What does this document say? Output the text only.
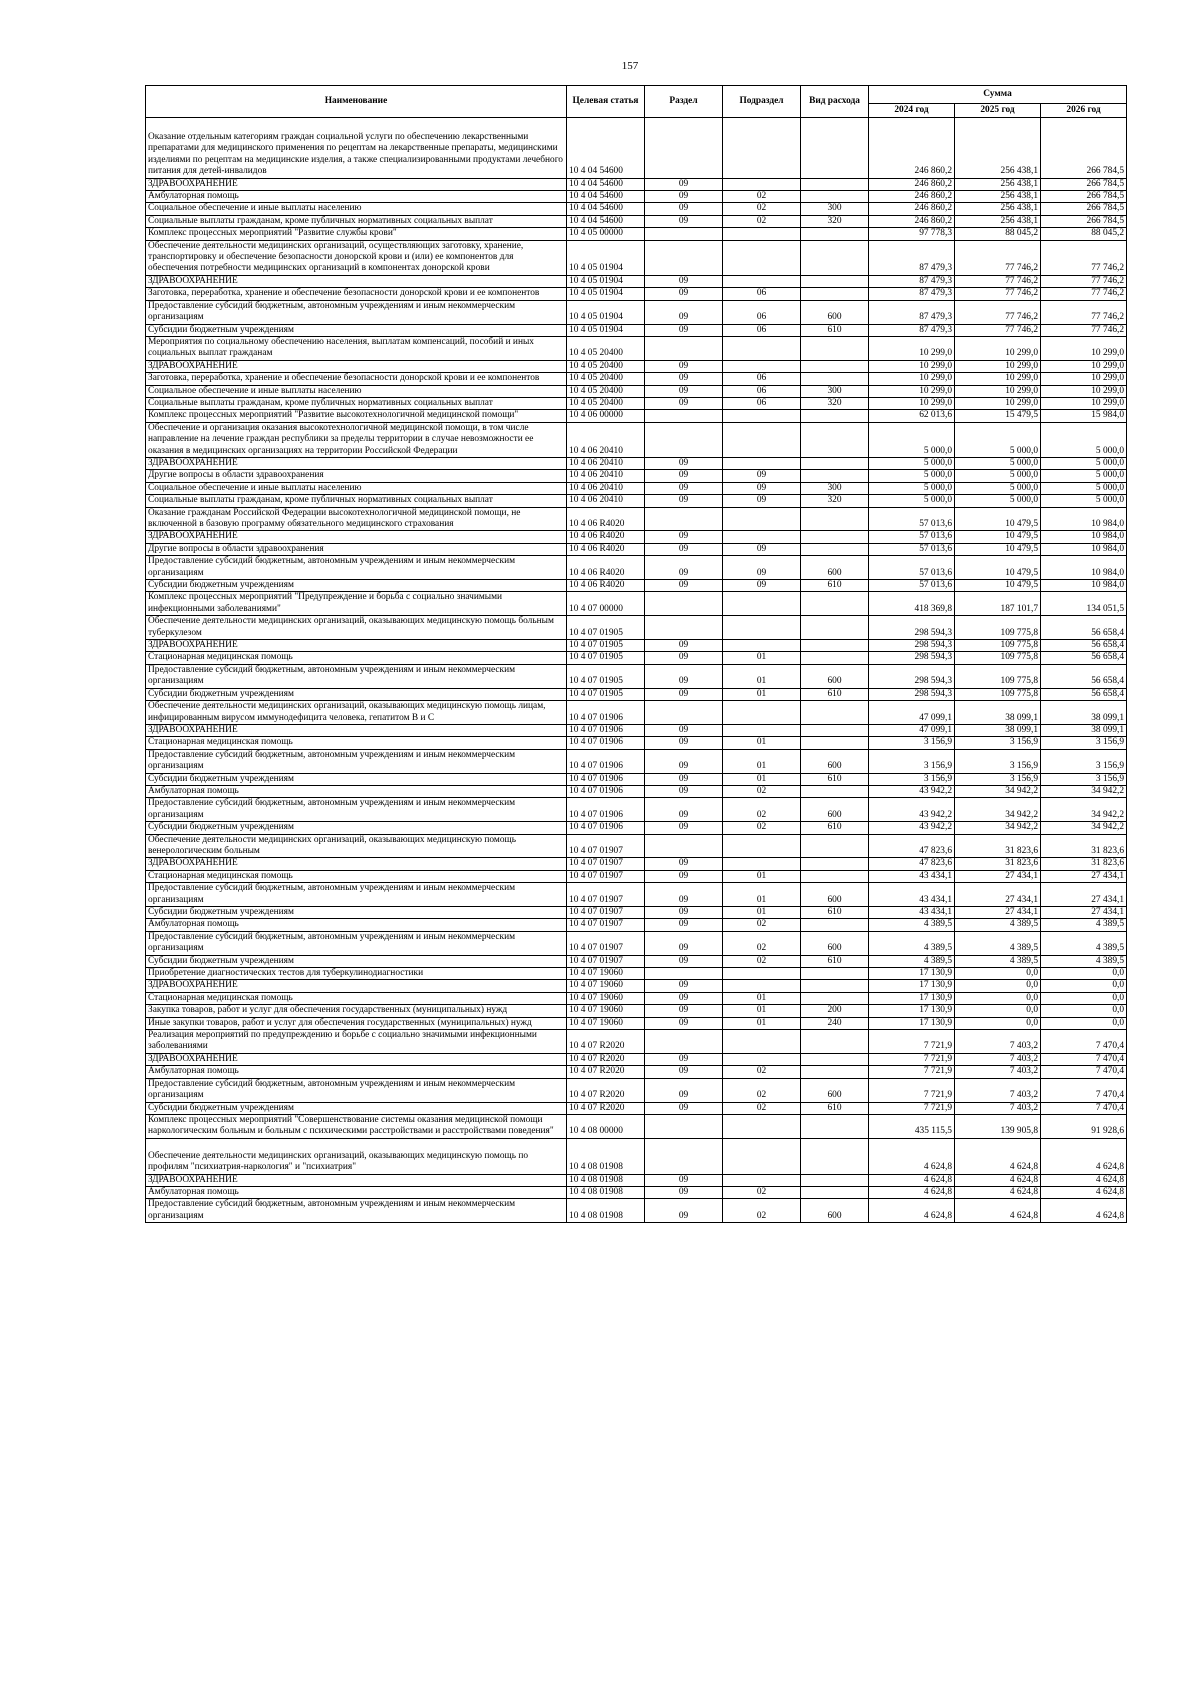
157
Наименование	Целевая статья	Раздел	Подраздел	Вид расхода	Сумма		
					2024 год	2025 год	2026 год
Оказание отдельным категориям граждан социальной услуги по обеспечению лекарственными препаратами для медицинского применения по рецептам на лекарственные препараты, медицинскими изделиями по рецептам на медицинские изделия, а также специализированными продуктами лечебного питания для детей-инвалидов	10 4 04 54600				246 860,2	256 438,1	266 784,5
ЗДРАВООХРАНЕНИЕ	10 4 04 54600	09			246 860,2	256 438,1	266 784,5
Амбулаторная помощь	10 4 04 54600	09	02		246 860,2	256 438,1	266 784,5
Социальное обеспечение и иные выплаты населению	10 4 04 54600	09	02	300	246 860,2	256 438,1	266 784,5
Социальные выплаты гражданам, кроме публичных нормативных социальных выплат	10 4 04 54600	09	02	320	246 860,2	256 438,1	266 784,5
Комплекс процессных мероприятий "Развитие службы крови"	10 4 05 00000				97 778,3	88 045,2	88 045,2
Обеспечение деятельности медицинских организаций, осуществляющих заготовку, хранение, транспортировку и обеспечение безопасности донорской крови и (или) ее компонентов для обеспечения потребности медицинских организаций в компонентах донорской крови	10 4 05 01904				87 479,3	77 746,2	77 746,2
ЗДРАВООХРАНЕНИЕ	10 4 05 01904	09			87 479,3	77 746,2	77 746,2
Заготовка, переработка, хранение и обеспечение безопасности донорской крови и ее компонентов	10 4 05 01904	09	06		87 479,3	77 746,2	77 746,2
Предоставление субсидий бюджетным, автономным учреждениям и иным некоммерческим организациям	10 4 05 01904	09	06	600	87 479,3	77 746,2	77 746,2
Субсидии бюджетным учреждениям	10 4 05 01904	09	06	610	87 479,3	77 746,2	77 746,2
Мероприятия по социальному обеспечению населения, выплатам компенсаций, пособий и иных социальных выплат гражданам	10 4 05 20400				10 299,0	10 299,0	10 299,0
ЗДРАВООХРАНЕНИЕ	10 4 05 20400	09			10 299,0	10 299,0	10 299,0
Заготовка, переработка, хранение и обеспечение безопасности донорской крови и ее компонентов	10 4 05 20400	09	06		10 299,0	10 299,0	10 299,0
Социальное обеспечение и иные выплаты населению	10 4 05 20400	09	06	300	10 299,0	10 299,0	10 299,0
Социальные выплаты гражданам, кроме публичных нормативных социальных выплат	10 4 05 20400	09	06	320	10 299,0	10 299,0	10 299,0
Комплекс процессных мероприятий "Развитие высокотехнологичной медицинской помощи"	10 4 06 00000				62 013,6	15 479,5	15 984,0
Обеспечение и организация оказания высокотехнологичной медицинской помощи, в том числе направление на лечение граждан республики за пределы территории в случае невозможности ее оказания в медицинских организациях на территории Российской Федерации	10 4 06 20410				5 000,0	5 000,0	5 000,0
ЗДРАВООХРАНЕНИЕ	10 4 06 20410	09			5 000,0	5 000,0	5 000,0
Другие вопросы в области здравоохранения	10 4 06 20410	09	09		5 000,0	5 000,0	5 000,0
Социальное обеспечение и иные выплаты населению	10 4 06 20410	09	09	300	5 000,0	5 000,0	5 000,0
Социальные выплаты гражданам, кроме публичных нормативных социальных выплат	10 4 06 20410	09	09	320	5 000,0	5 000,0	5 000,0
Оказание гражданам Российской Федерации высокотехнологичной медицинской помощи, не включенной в базовую программу обязательного медицинского страхования	10 4 06 R4020				57 013,6	10 479,5	10 984,0
ЗДРАВООХРАНЕНИЕ	10 4 06 R4020	09			57 013,6	10 479,5	10 984,0
Другие вопросы в области здравоохранения	10 4 06 R4020	09	09		57 013,6	10 479,5	10 984,0
Предоставление субсидий бюджетным, автономным учреждениям и иным некоммерческим организациям	10 4 06 R4020	09	09	600	57 013,6	10 479,5	10 984,0
Субсидии бюджетным учреждениям	10 4 06 R4020	09	09	610	57 013,6	10 479,5	10 984,0
Комплекс процессных мероприятий "Предупреждение и борьба с социально значимыми инфекционными заболеваниями"	10 4 07 00000				418 369,8	187 101,7	134 051,5
Обеспечение деятельности медицинских организаций, оказывающих медицинскую помощь больным туберкулезом	10 4 07 01905				298 594,3	109 775,8	56 658,4
ЗДРАВООХРАНЕНИЕ	10 4 07 01905	09			298 594,3	109 775,8	56 658,4
Стационарная медицинская помощь	10 4 07 01905	09	01		298 594,3	109 775,8	56 658,4
Предоставление субсидий бюджетным, автономным учреждениям и иным некоммерческим организациям	10 4 07 01905	09	01	600	298 594,3	109 775,8	56 658,4
Субсидии бюджетным учреждениям	10 4 07 01905	09	01	610	298 594,3	109 775,8	56 658,4
Обеспечение деятельности медицинских организаций, оказывающих медицинскую помощь лицам, инфицированным вирусом иммунодефицита человека, гепатитом В и С	10 4 07 01906				47 099,1	38 099,1	38 099,1
ЗДРАВООХРАНЕНИЕ	10 4 07 01906	09			47 099,1	38 099,1	38 099,1
Стационарная медицинская помощь	10 4 07 01906	09	01		3 156,9	3 156,9	3 156,9
Предоставление субсидий бюджетным, автономным учреждениям и иным некоммерческим организациям	10 4 07 01906	09	01	600	3 156,9	3 156,9	3 156,9
Субсидии бюджетным учреждениям	10 4 07 01906	09	01	610	3 156,9	3 156,9	3 156,9
Амбулаторная помощь	10 4 07 01906	09	02		43 942,2	34 942,2	34 942,2
Предоставление субсидий бюджетным, автономным учреждениям и иным некоммерческим организациям	10 4 07 01906	09	02	600	43 942,2	34 942,2	34 942,2
Субсидии бюджетным учреждениям	10 4 07 01906	09	02	610	43 942,2	34 942,2	34 942,2
Обеспечение деятельности медицинских организаций, оказывающих медицинскую помощь венерологическим больным	10 4 07 01907				47 823,6	31 823,6	31 823,6
ЗДРАВООХРАНЕНИЕ	10 4 07 01907	09			47 823,6	31 823,6	31 823,6
Стационарная медицинская помощь	10 4 07 01907	09	01		43 434,1	27 434,1	27 434,1
Предоставление субсидий бюджетным, автономным учреждениям и иным некоммерческим организациям	10 4 07 01907	09	01	600	43 434,1	27 434,1	27 434,1
Субсидии бюджетным учреждениям	10 4 07 01907	09	01	610	43 434,1	27 434,1	27 434,1
Амбулаторная помощь	10 4 07 01907	09	02		4 389,5	4 389,5	4 389,5
Предоставление субсидий бюджетным, автономным учреждениям и иным некоммерческим организациям	10 4 07 01907	09	02	600	4 389,5	4 389,5	4 389,5
Субсидии бюджетным учреждениям	10 4 07 01907	09	02	610	4 389,5	4 389,5	4 389,5
Приобретение диагностических тестов для туберкулинодиагностики	10 4 07 19060				17 130,9	0,0	0,0
ЗДРАВООХРАНЕНИЕ	10 4 07 19060	09			17 130,9	0,0	0,0
Стационарная медицинская помощь	10 4 07 19060	09	01		17 130,9	0,0	0,0
Закупка товаров, работ и услуг для обеспечения государственных (муниципальных) нужд	10 4 07 19060	09	01	200	17 130,9	0,0	0,0
Иные закупки товаров, работ и услуг для обеспечения государственных (муниципальных) нужд	10 4 07 19060	09	01	240	17 130,9	0,0	0,0
Реализация мероприятий по предупреждению и борьбе с социально значимыми инфекционными заболеваниями	10 4 07 R2020				7 721,9	7 403,2	7 470,4
ЗДРАВООХРАНЕНИЕ	10 4 07 R2020	09			7 721,9	7 403,2	7 470,4
Амбулаторная помощь	10 4 07 R2020	09	02		7 721,9	7 403,2	7 470,4
Предоставление субсидий бюджетным, автономным учреждениям и иным некоммерческим организациям	10 4 07 R2020	09	02	600	7 721,9	7 403,2	7 470,4
Субсидии бюджетным учреждениям	10 4 07 R2020	09	02	610	7 721,9	7 403,2	7 470,4
Комплекс процессных мероприятий "Совершенствование системы оказания медицинской помощи наркологическим больным и больным с психическими расстройствами и расстройствами поведения"	10 4 08 00000				435 115,5	139 905,8	91 928,6
Обеспечение деятельности медицинских организаций, оказывающих медицинскую помощь по профилям "психиатрия-наркология" и "психиатрия"	10 4 08 01908				4 624,8	4 624,8	4 624,8
ЗДРАВООХРАНЕНИЕ	10 4 08 01908	09			4 624,8	4 624,8	4 624,8
Амбулаторная помощь	10 4 08 01908	09	02		4 624,8	4 624,8	4 624,8
Предоставление субсидий бюджетным, автономным учреждениям и иным некоммерческим организациям	10 4 08 01908	09	02	600	4 624,8	4 624,8	4 624,8
